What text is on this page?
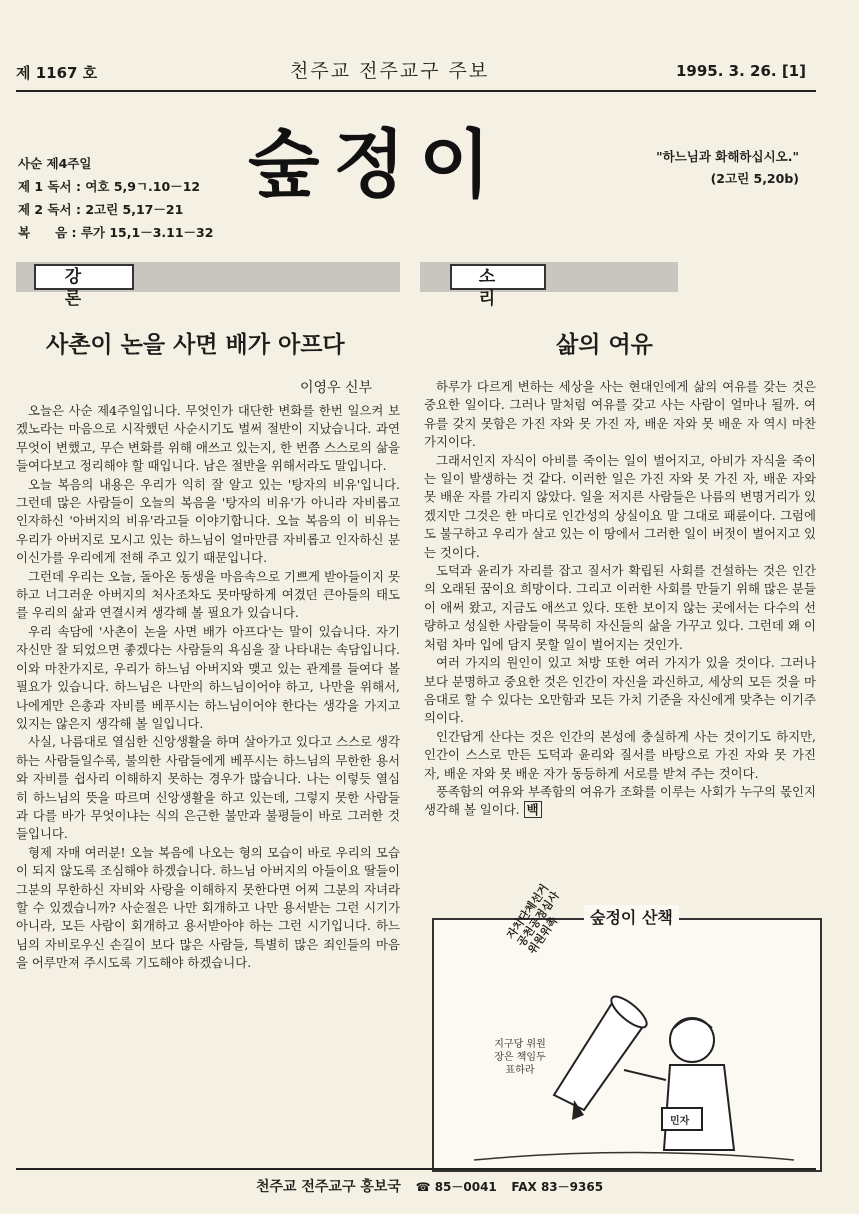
제 1167 호	천주교 전주교구 주보	1995. 3. 26. [1]
사순 제4주일
제 1 독서 : 여호 5,9ㄱ.10－12
제 2 독서 : 2고린 5,17－21
복　　음 : 루가 15,1－3.11－32
숲정이	"하느님과 화해하십시오."
(2고린 5,20b)
강 론
사촌이 논을 사면 배가 아프다
이영우 신부

오늘은 사순 제4주일입니다. 무엇인가 대단한 변화를 한번 일으켜 보겠노라는 마음으로 시작했던 사순시기도 벌써 절반이 지났습니다. 과연 무엇이 변했고, 무슨 변화를 위해 애쓰고 있는지, 한 번쯤 스스로의 삶을 들여다보고 정리해야 할 때입니다. 남은 절반을 위해서라도 말입니다.

오늘 복음의 내용은 우리가 익히 잘 알고 있는 '탕자의 비유'입니다. 그런데 많은 사람들이 오늘의 복음을 '탕자의 비유'가 아니라 자비롭고 인자하신 '아버지의 비유'라고들 이야기합니다. 오늘 복음의 이 비유는 우리가 아버지로 모시고 있는 하느님이 얼마만큼 자비롭고 인자하신 분이신가를 우리에게 전해 주고 있기 때문입니다.

그런데 우리는 오늘, 돌아온 동생을 마음속으로 기쁘게 받아들이지 못하고 너그러운 아버지의 처사조차도 못마땅하게 여겼던 큰아들의 태도를 우리의 삶과 연결시켜 생각해 볼 필요가 있습니다.

우리 속담에 '사촌이 논을 사면 배가 아프다'는 말이 있습니다. 자기 자신만 잘 되었으면 좋겠다는 사람들의 욕심을 잘 나타내는 속담입니다. 이와 마찬가지로, 우리가 하느님 아버지와 맺고 있는 관계를 들여다 볼 필요가 있습니다. 하느님은 나만의 하느님이어야 하고, 나만을 위해서, 나에게만 은총과 자비를 베푸시는 하느님이어야 한다는 생각을 가지고 있지는 않은지 생각해 볼 일입니다.

사실, 나름대로 열심한 신앙생활을 하며 살아가고 있다고 스스로 생각하는 사람들일수록, 불의한 사람들에게 베푸시는 하느님의 무한한 용서와 자비를 쉽사리 이해하지 못하는 경우가 많습니다. 나는 이렇듯 열심히 하느님의 뜻을 따르며 신앙생활을 하고 있는데, 그렇지 못한 사람들과 다를 바가 무엇이냐는 식의 은근한 불만과 불평들이 바로 그러한 것들입니다.

형제 자매 여러분! 오늘 복음에 나오는 형의 모습이 바로 우리의 모습이 되지 않도록 조심해야 하겠습니다. 하느님 아버지의 아들이요 딸들이 그분의 무한하신 자비와 사랑을 이해하지 못한다면 어찌 그분의 자녀라 할 수 있겠습니까? 사순절은 나만 회개하고 나만 용서받는 그런 시기가 아니라, 모든 사람이 회개하고 용서받아야 하는 그런 시기입니다. 하느님의 자비로우신 손길이 보다 많은 사람들, 특별히 많은 죄인들의 마음을 어루만져 주시도록 기도해야 하겠습니다.

소 리
삶의 여유

하루가 다르게 변하는 세상을 사는 현대인에게 삶의 여유를 갖는 것은 중요한 일이다. 그러나 말처럼 여유를 갖고 사는 사람이 얼마나 될까. 여유를 갖지 못함은 가진 자와 못 가진 자, 배운 자와 못 배운 자 역시 마찬가지이다.

그래서인지 자식이 아비를 죽이는 일이 벌어지고, 아비가 자식을 죽이는 일이 발생하는 것 같다. 이러한 일은 가진 자와 못 가진 자, 배운 자와 못 배운 자를 가리지 않았다. 일을 저지른 사람들은 나름의 변명거리가 있겠지만 그것은 한 마디로 인간성의 상실이요 말 그대로 패륜이다. 그럼에도 불구하고 우리가 살고 있는 이 땅에서 그러한 일이 버젓이 벌어지고 있는 것이다.

도덕과 윤리가 자리를 잡고 질서가 확립된 사회를 건설하는 것은 인간의 오래된 꿈이요 희망이다. 그리고 이러한 사회를 만들기 위해 많은 분들이 애써 왔고, 지금도 애쓰고 있다. 또한 보이지 않는 곳에서는 다수의 선량하고 성실한 사람들이 묵묵히 자신들의 삶을 가꾸고 있다. 그런데 왜 이처럼 차마 입에 담지 못할 일이 벌어지는 것인가.

여러 가지의 원인이 있고 처방 또한 여러 가지가 있을 것이다. 그러나 보다 분명하고 중요한 것은 인간이 자신을 과신하고, 세상의 모든 것을 마음대로 할 수 있다는 오만함과 모든 가치 기준을 자신에게 맞추는 이기주의이다.

인간답게 산다는 것은 인간의 본성에 충실하게 사는 것이기도 하지만, 인간이 스스로 만든 도덕과 윤리와 질서를 바탕으로 가진 자와 못 가진 자, 배운 자와 못 배운 자가 동등하게 서로를 받쳐 주는 것이다.

풍족함의 여유와 부족함의 여유가 조화를 이루는 사회가 누구의 몫인지 생각해 볼 일이다. 백

숲정이 산책
자치단체선거 공천공정심사 위원위촉
지구당 위원장은 책임두표하라
민자
천주교 전주교구 홍보국 ☎ 85－0041 FAX 83－9365
